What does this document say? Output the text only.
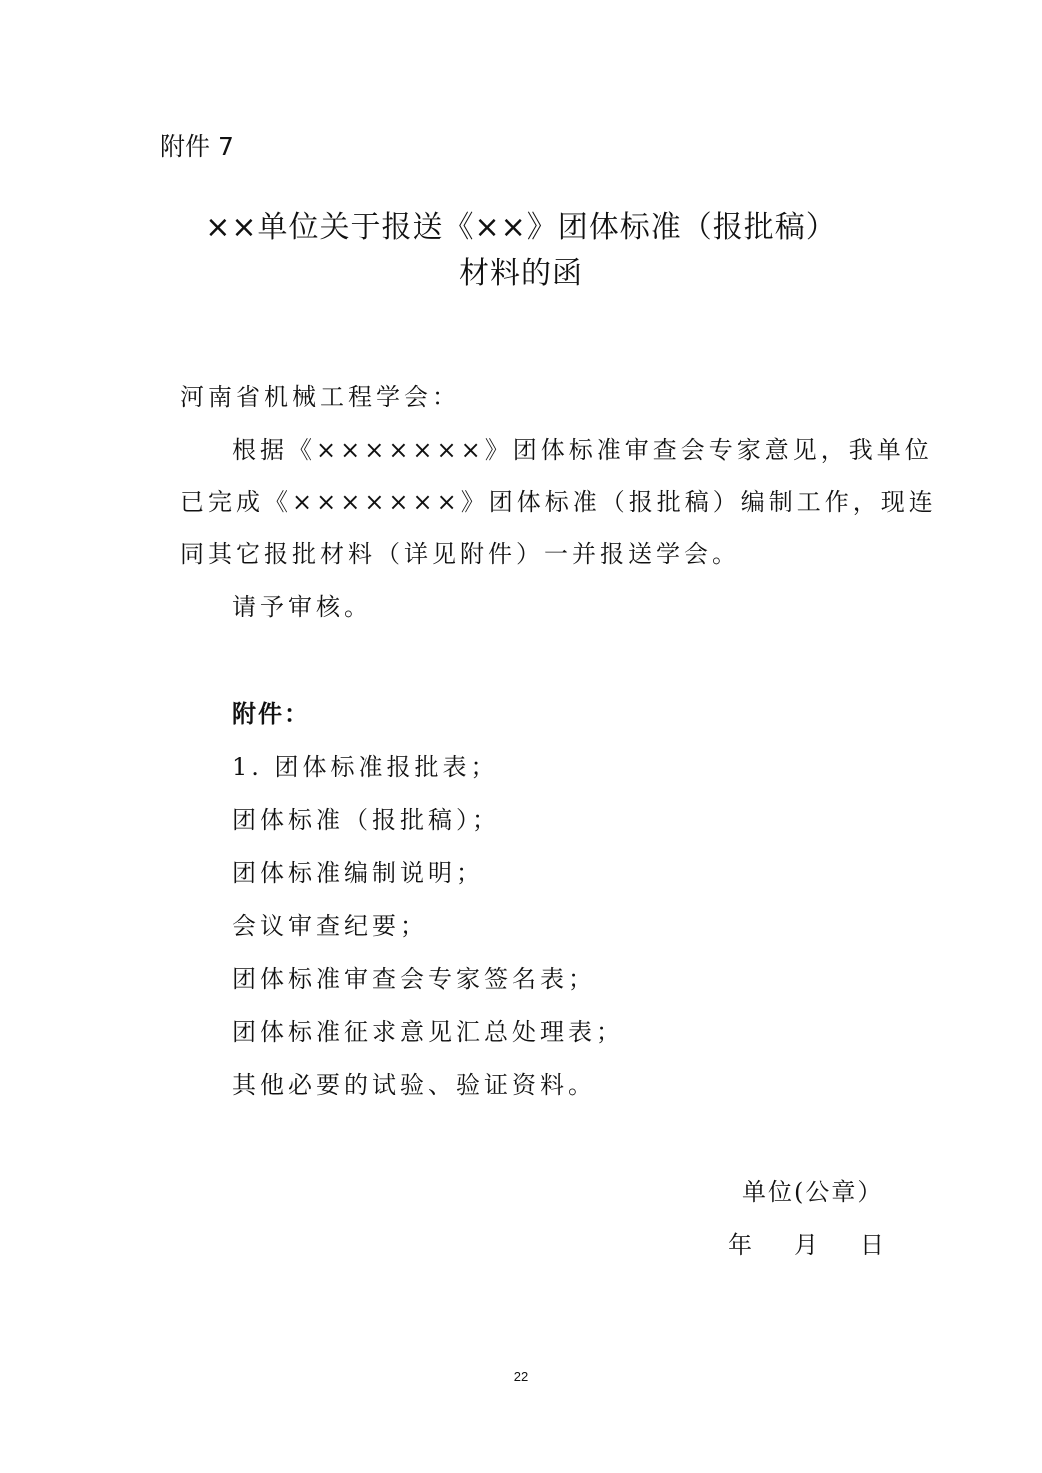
附件 7
××单位关于报送《××》团体标准（报批稿）
材料的函
河南省机械工程学会：
根据《×××××××》团体标准审查会专家意见，我单位
已完成《×××××××》团体标准（报批稿）编制工作，现连
同其它报批材料（详见附件）一并报送学会。
请予审核。
附件：
1. 团体标准报批表；
团体标准（报批稿）；
团体标准编制说明；
会议审查纪要；
团体标准审查会专家签名表；
团体标准征求意见汇总处理表；
其他必要的试验、验证资料。
单位(公章）
年 月 日
22
